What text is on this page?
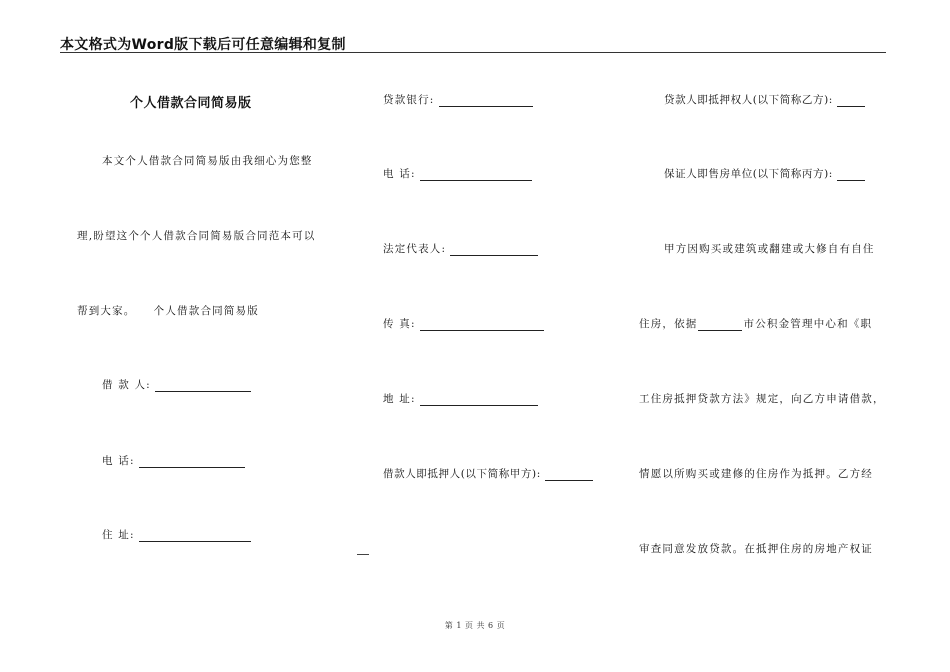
本文格式为Word版下载后可任意编辑和复制
个人借款合同简易版
本文个人借款合同简易版由我细心为您整
理,盼望这个个人借款合同简易版合同范本可以
帮到大家。    个人借款合同简易版
借 款 人:
电 话:
住 址:
贷款银行:
电 话:
法定代表人:
传 真:
地 址:
借款人即抵押人(以下简称甲方):
贷款人即抵押权人(以下简称乙方):
保证人即售房单位(以下简称丙方):
甲方因购买或建筑或翻建或大修自有自住
住房，依据	市公积金管理中心和《职
工住房抵押贷款方法》规定，向乙方申请借款，
情愿以所购买或建修的住房作为抵押。乙方经
审查同意发放贷款。在抵押住房的房地产权证
第 1 页 共 6 页
